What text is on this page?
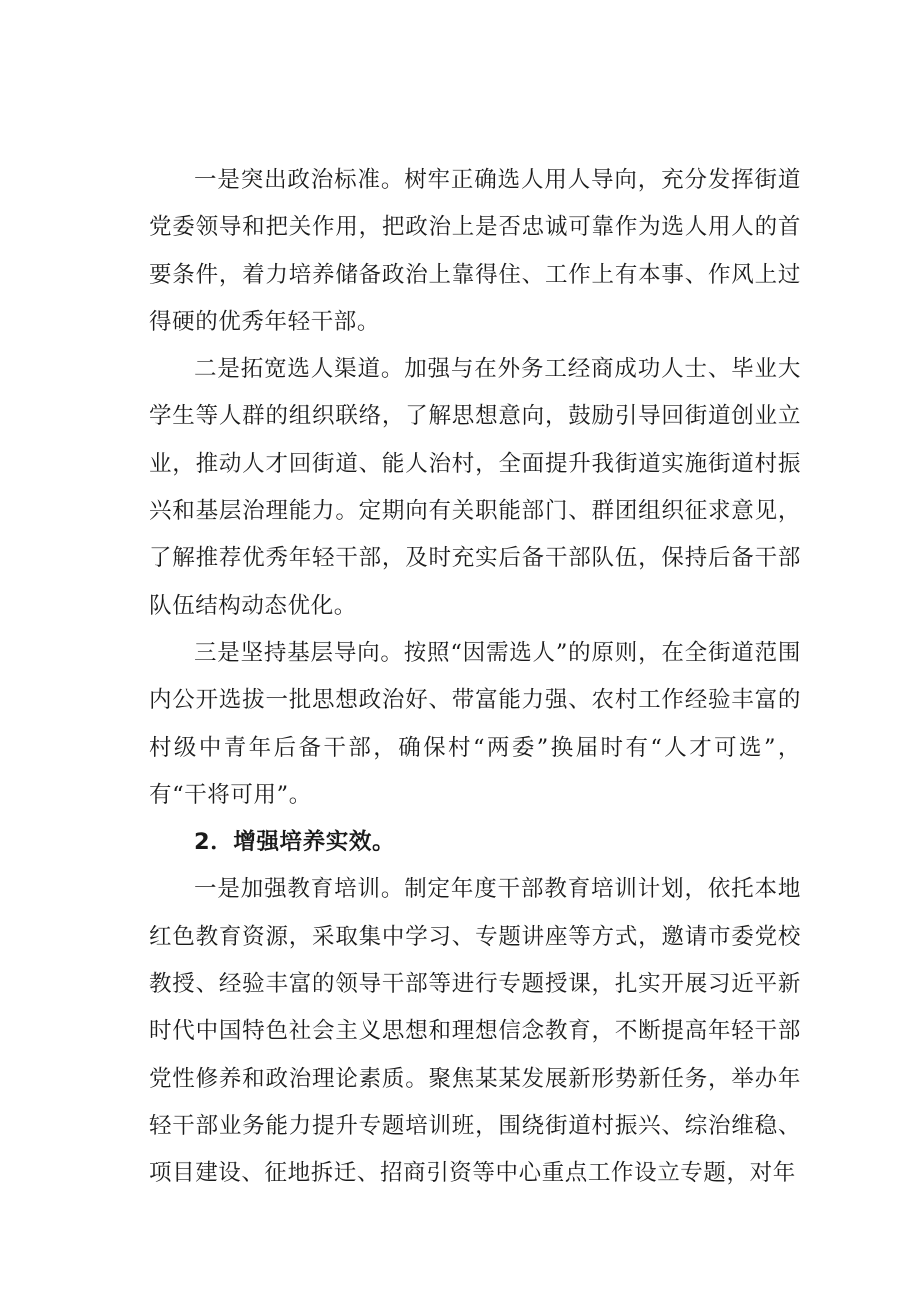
一是突出政治标准。树牢正确选人用人导向，充分发挥街道党委领导和把关作用，把政治上是否忠诚可靠作为选人用人的首要条件，着力培养储备政治上靠得住、工作上有本事、作风上过得硬的优秀年轻干部。

二是拓宽选人渠道。加强与在外务工经商成功人士、毕业大学生等人群的组织联络，了解思想意向，鼓励引导回街道创业立业，推动人才回街道、能人治村，全面提升我街道实施街道村振兴和基层治理能力。定期向有关职能部门、群团组织征求意见，了解推荐优秀年轻干部，及时充实后备干部队伍，保持后备干部队伍结构动态优化。

三是坚持基层导向。按照“因需选人”的原则，在全街道范围内公开选拔一批思想政治好、带富能力强、农村工作经验丰富的村级中青年后备干部，确保村“两委”换届时有“人才可选”，有“干将可用”。

2．增强培养实效。

一是加强教育培训。制定年度干部教育培训计划，依托本地红色教育资源，采取集中学习、专题讲座等方式，邀请市委党校教授、经验丰富的领导干部等进行专题授课，扎实开展习近平新时代中国特色社会主义思想和理想信念教育，不断提高年轻干部党性修养和政治理论素质。聚焦某某发展新形势新任务，举办年轻干部业务能力提升专题培训班，围绕街道村振兴、综治维稳、项目建设、征地拆迁、招商引资等中心重点工作设立专题，对年
